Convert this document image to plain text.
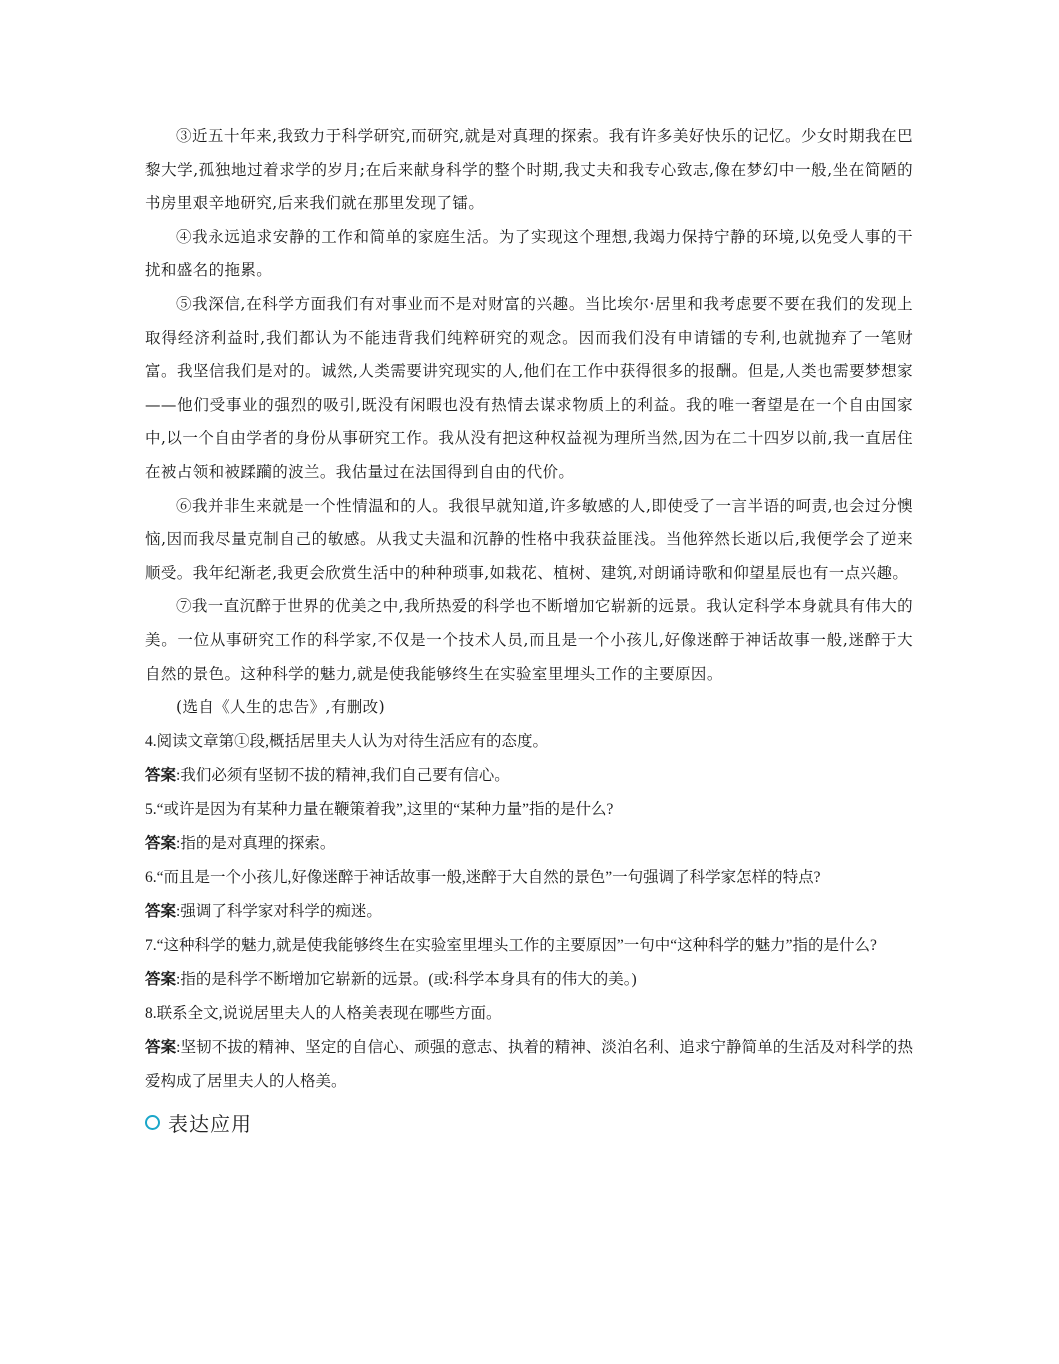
③近五十年来,我致力于科学研究,而研究,就是对真理的探索。我有许多美好快乐的记忆。少女时期我在巴黎大学,孤独地过着求学的岁月;在后来献身科学的整个时期,我丈夫和我专心致志,像在梦幻中一般,坐在简陋的书房里艰辛地研究,后来我们就在那里发现了镭。

④我永远追求安静的工作和简单的家庭生活。为了实现这个理想,我竭力保持宁静的环境,以免受人事的干扰和盛名的拖累。

⑤我深信,在科学方面我们有对事业而不是对财富的兴趣。当比埃尔·居里和我考虑要不要在我们的发现上取得经济利益时,我们都认为不能违背我们纯粹研究的观念。因而我们没有申请镭的专利,也就抛弃了一笔财富。我坚信我们是对的。诚然,人类需要讲究现实的人,他们在工作中获得很多的报酬。但是,人类也需要梦想家——他们受事业的强烈的吸引,既没有闲暇也没有热情去谋求物质上的利益。我的唯一奢望是在一个自由国家中,以一个自由学者的身份从事研究工作。我从没有把这种权益视为理所当然,因为在二十四岁以前,我一直居住在被占领和被蹂躏的波兰。我估量过在法国得到自由的代价。

⑥我并非生来就是一个性情温和的人。我很早就知道,许多敏感的人,即使受了一言半语的呵责,也会过分懊恼,因而我尽量克制自己的敏感。从我丈夫温和沉静的性格中我获益匪浅。当他猝然长逝以后,我便学会了逆来顺受。我年纪渐老,我更会欣赏生活中的种种琐事,如栽花、植树、建筑,对朗诵诗歌和仰望星辰也有一点兴趣。

⑦我一直沉醉于世界的优美之中,我所热爱的科学也不断增加它崭新的远景。我认定科学本身就具有伟大的美。一位从事研究工作的科学家,不仅是一个技术人员,而且是一个小孩儿,好像迷醉于神话故事一般,迷醉于大自然的景色。这种科学的魅力,就是使我能够终生在实验室里埋头工作的主要原因。

(选自《人生的忠告》,有删改)

4.阅读文章第①段,概括居里夫人认为对待生活应有的态度。

答案:我们必须有坚韧不拔的精神,我们自己要有信心。

5.“或许是因为有某种力量在鞭策着我”,这里的“某种力量”指的是什么?

答案:指的是对真理的探索。

6.“而且是一个小孩儿,好像迷醉于神话故事一般,迷醉于大自然的景色”一句强调了科学家怎样的特点?

答案:强调了科学家对科学的痴迷。

7.“这种科学的魅力,就是使我能够终生在实验室里埋头工作的主要原因”一句中“这种科学的魅力”指的是什么?

答案:指的是科学不断增加它崭新的远景。(或:科学本身具有的伟大的美。)

8.联系全文,说说居里夫人的人格美表现在哪些方面。

答案:坚韧不拔的精神、坚定的自信心、顽强的意志、执着的精神、淡泊名利、追求宁静简单的生活及对科学的热爱构成了居里夫人的人格美。

表达应用
